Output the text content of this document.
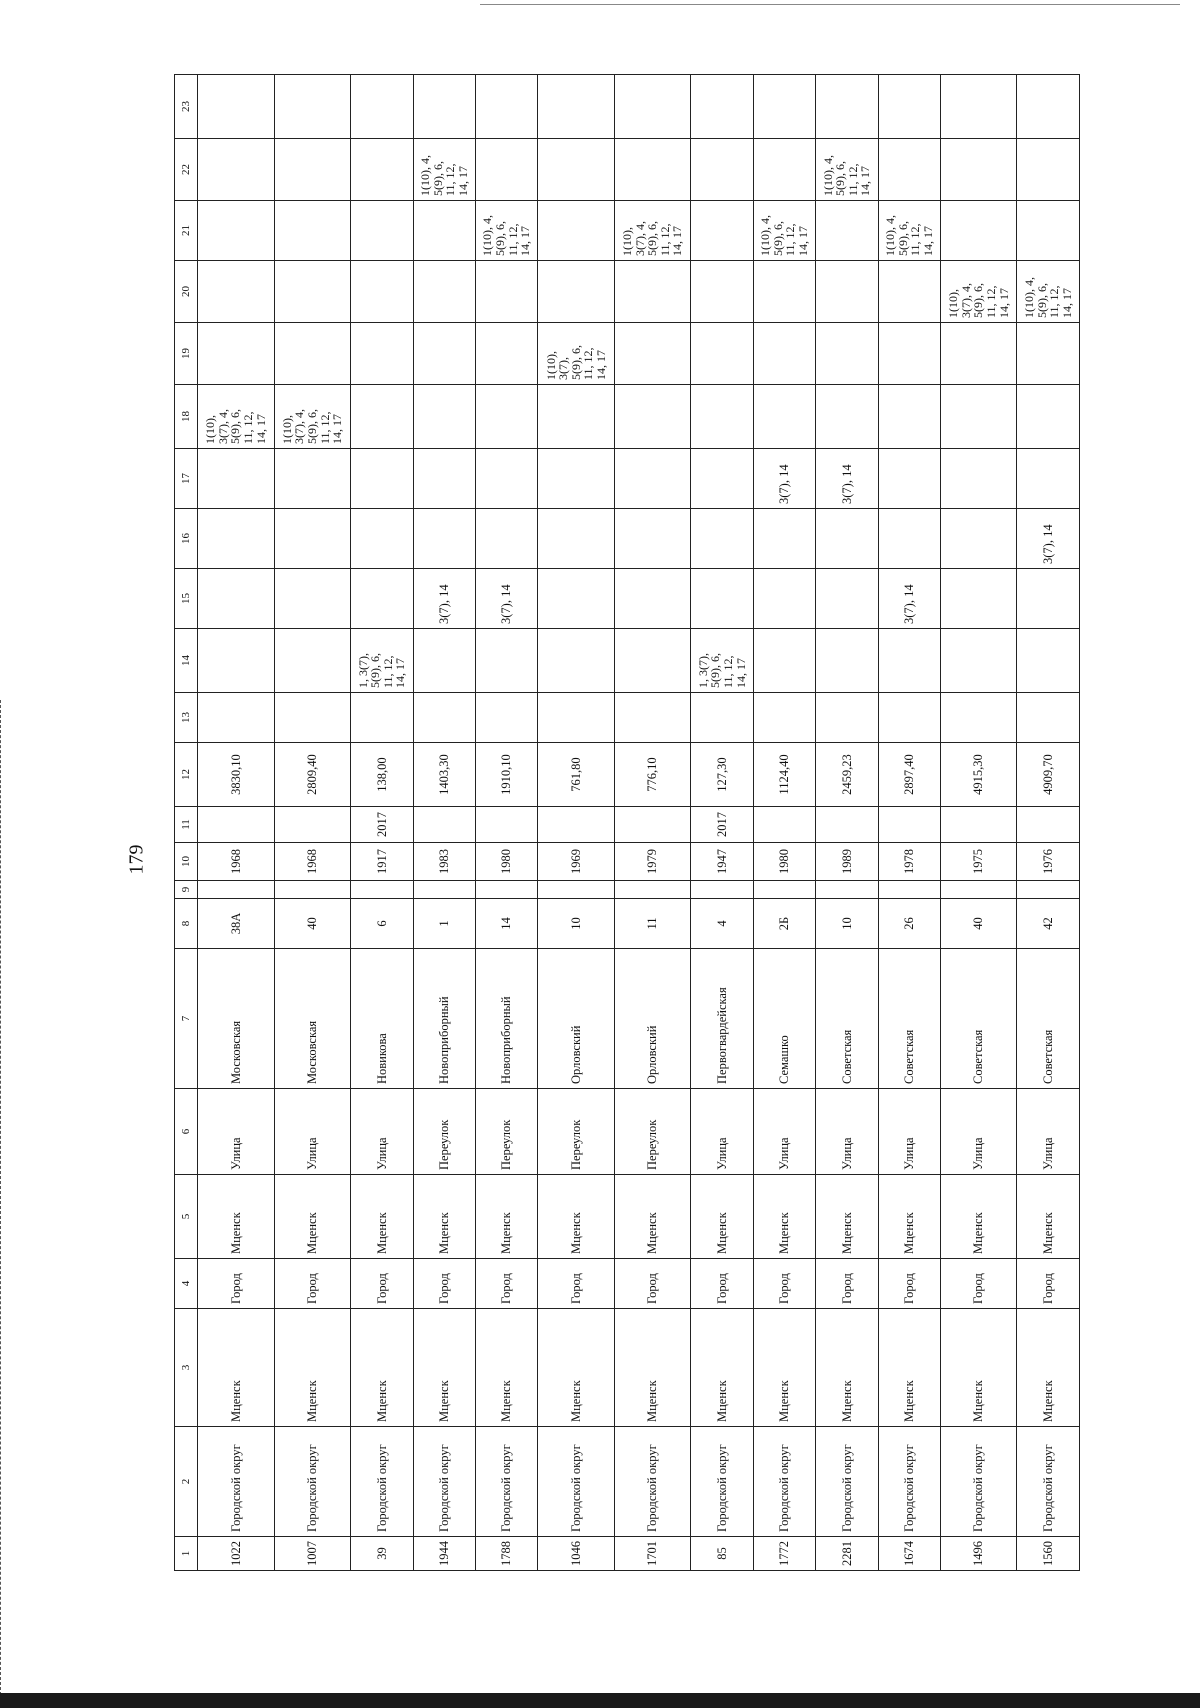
179
1	2	3	4	5	6	7	8	9	10	11	12	13	14	15	16	17	18	19	20	21	22	23
1022	Городской округ	Мценск	Город	Мценск	Улица	Московская	38А		1968		3830,10						1(10),
3(7), 4,
5(9), 6,
11, 12,
14, 17					
1007	Городской округ	Мценск	Город	Мценск	Улица	Московская	40		1968		2809,40						1(10),
3(7), 4,
5(9), 6,
11, 12,
14, 17					
39	Городской округ	Мценск	Город	Мценск	Улица	Новикова	6		1917	2017	138,00		1, 3(7),
5(9), 6,
11, 12,
14, 17									
1944	Городской округ	Мценск	Город	Мценск	Переулок	Новоприборный	1		1983		1403,30			3(7), 14							1(10), 4,
5(9), 6,
11, 12,
14, 17	
1788	Городской округ	Мценск	Город	Мценск	Переулок	Новоприборный	14		1980		1910,10			3(7), 14						1(10), 4,
5(9), 6,
11, 12,
14, 17		
1046	Городской округ	Мценск	Город	Мценск	Переулок	Орловский	10		1969		761,80							1(10),
3(7),
5(9), 6,
11, 12,
14, 17				
1701	Городской округ	Мценск	Город	Мценск	Переулок	Орловский	11		1979		776,10									1(10),
3(7), 4,
5(9), 6,
11, 12,
14, 17		
85	Городской округ	Мценск	Город	Мценск	Улица	Первогвардейская	4		1947	2017	127,30		1, 3(7),
5(9), 6,
11, 12,
14, 17									
1772	Городской округ	Мценск	Город	Мценск	Улица	Семашко	2Б		1980		1124,40					3(7), 14				1(10), 4,
5(9), 6,
11, 12,
14, 17		
2281	Городской округ	Мценск	Город	Мценск	Улица	Советская	10		1989		2459,23					3(7), 14					1(10), 4,
5(9), 6,
11, 12,
14, 17	
1674	Городской округ	Мценск	Город	Мценск	Улица	Советская	26		1978		2897,40			3(7), 14						1(10), 4,
5(9), 6,
11, 12,
14, 17		
1496	Городской округ	Мценск	Город	Мценск	Улица	Советская	40		1975		4915,30								1(10),
3(7), 4,
5(9), 6,
11, 12,
14, 17			
1560	Городской округ	Мценск	Город	Мценск	Улица	Советская	42		1976		4909,70				3(7), 14				1(10), 4,
5(9), 6,
11, 12,
14, 17			
